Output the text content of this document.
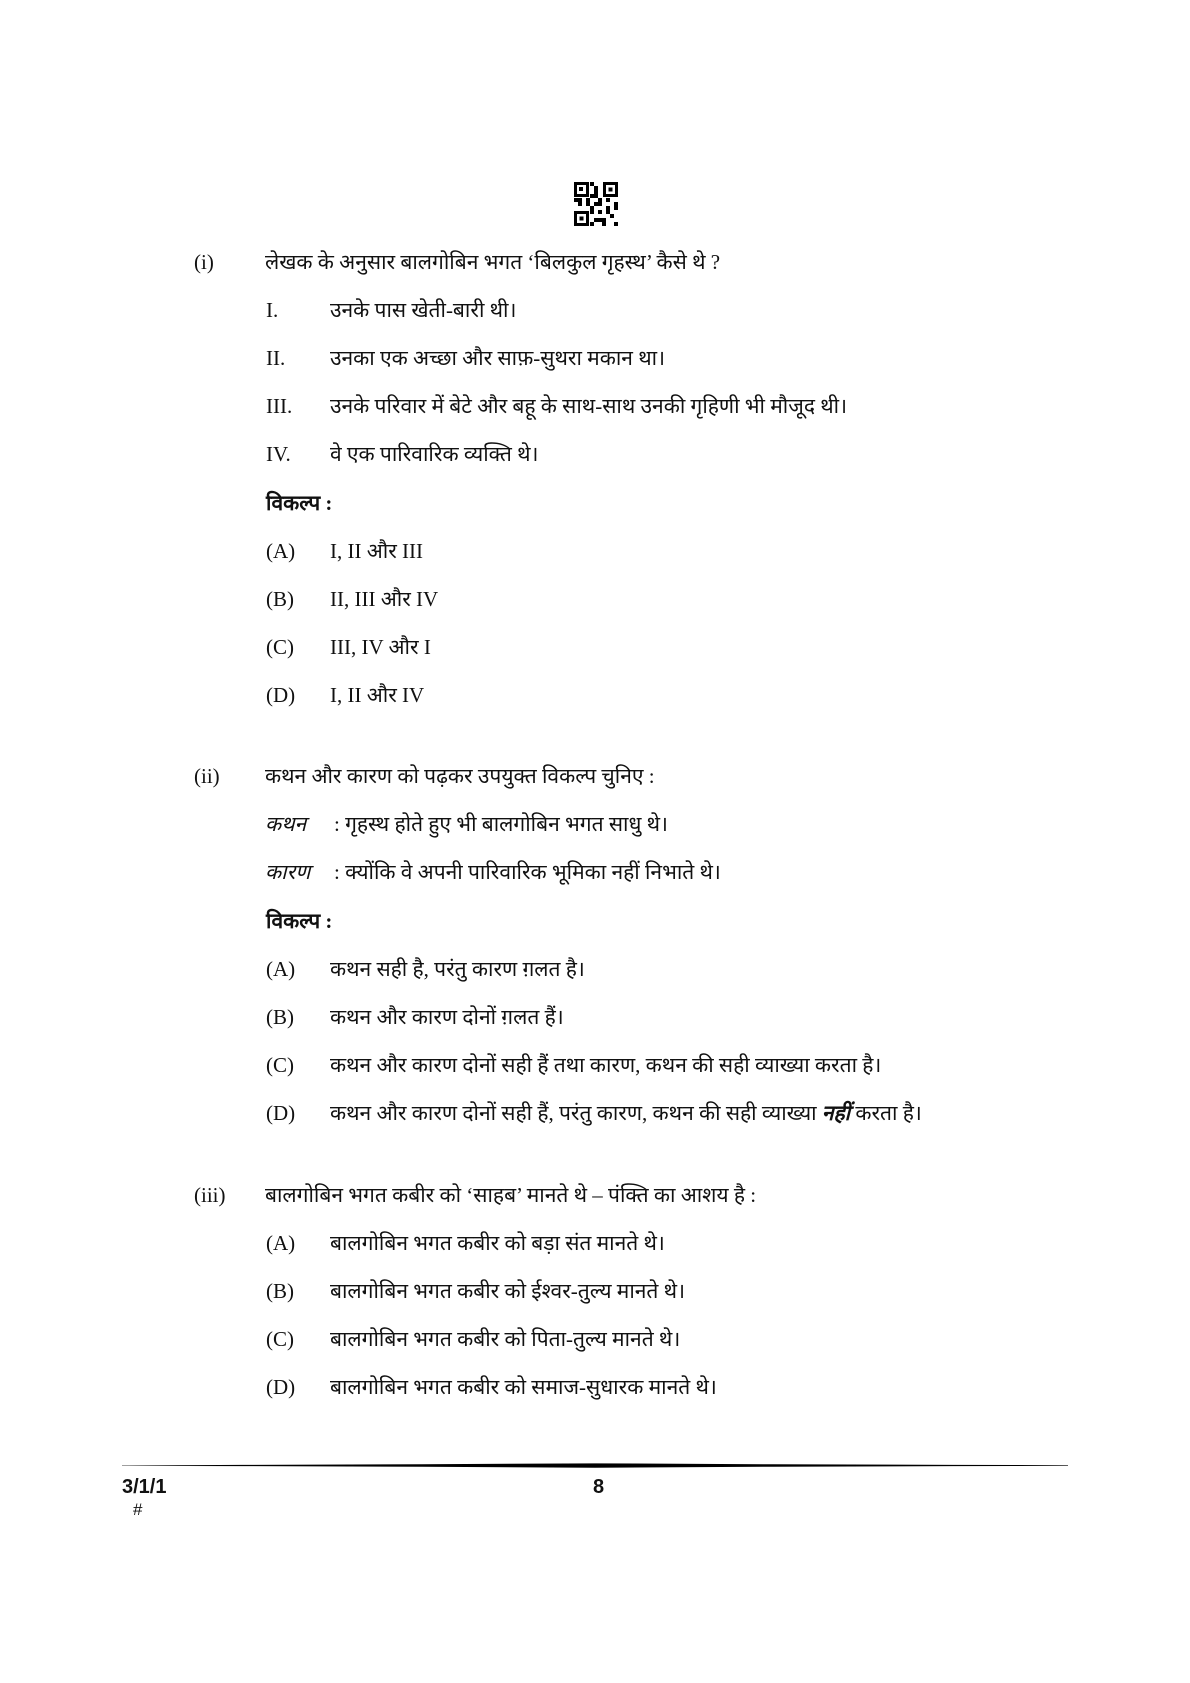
(i) लेखक के अनुसार बालगोबिन भगत ‘बिलकुल गृहस्थ’ कैसे थे ?
I. उनके पास खेती-बारी थी।
II. उनका एक अच्छा और साफ़-सुथरा मकान था।
III. उनके परिवार में बेटे और बहू के साथ-साथ उनकी गृहिणी भी मौजूद थी।
IV. वे एक पारिवारिक व्यक्ति थे।
विकल्प :
(A) I, II और III
(B) II, III और IV
(C) III, IV और I
(D) I, II और IV
(ii) कथन और कारण को पढ़कर उपयुक्त विकल्प चुनिए :
कथन : गृहस्थ होते हुए भी बालगोबिन भगत साधु थे।
कारण : क्योंकि वे अपनी पारिवारिक भूमिका नहीं निभाते थे।
विकल्प :
(A) कथन सही है, परंतु कारण ग़लत है।
(B) कथन और कारण दोनों ग़लत हैं।
(C) कथन और कारण दोनों सही हैं तथा कारण, कथन की सही व्याख्या करता है।
(D) कथन और कारण दोनों सही हैं, परंतु कारण, कथन की सही व्याख्या नहीं करता है।
(iii) बालगोबिन भगत कबीर को ‘साहब’ मानते थे – पंक्ति का आशय है :
(A) बालगोबिन भगत कबीर को बड़ा संत मानते थे।
(B) बालगोबिन भगत कबीर को ईश्वर-तुल्य मानते थे।
(C) बालगोबिन भगत कबीर को पिता-तुल्य मानते थे।
(D) बालगोबिन भगत कबीर को समाज-सुधारक मानते थे।
3/1/1
#
8
